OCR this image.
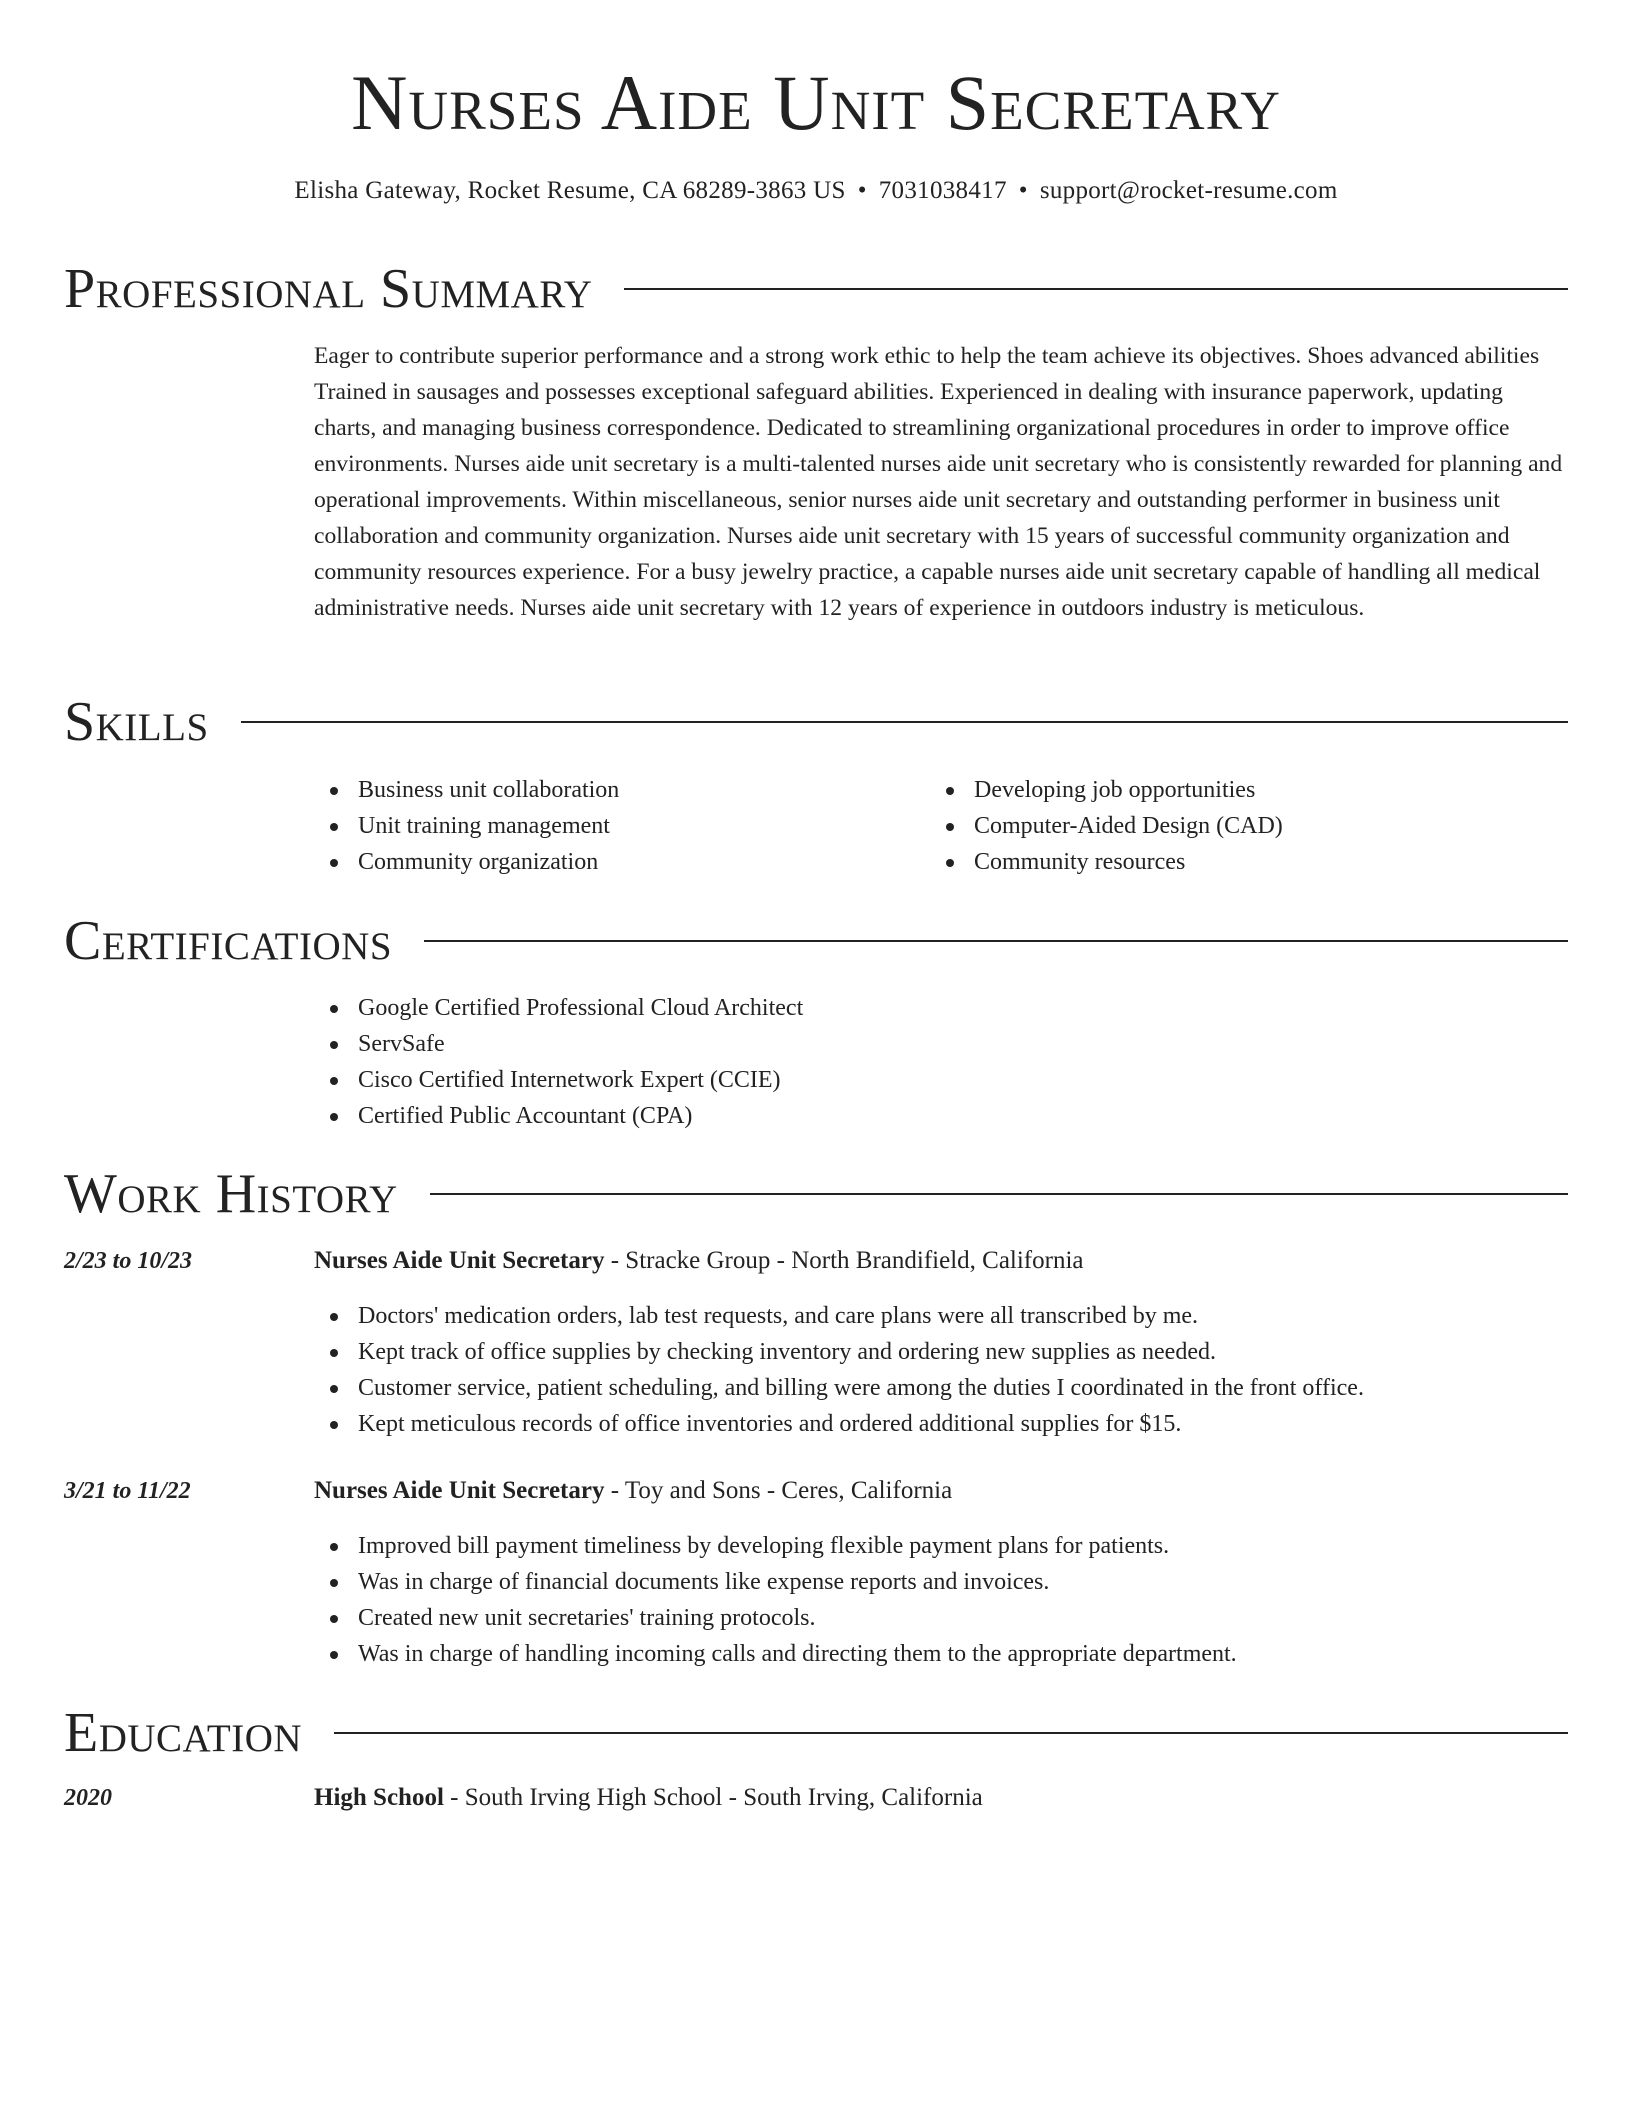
Nurses Aide Unit Secretary
Elisha Gateway, Rocket Resume, CA 68289-3863 US • 7031038417 • support@rocket-resume.com
Professional Summary

Eager to contribute superior performance and a strong work ethic to help the team achieve its objectives. Shoes advanced abilities Trained in sausages and possesses exceptional safeguard abilities. Experienced in dealing with insurance paperwork, updating charts, and managing business correspondence. Dedicated to streamlining organizational procedures in order to improve office environments. Nurses aide unit secretary is a multi-talented nurses aide unit secretary who is consistently rewarded for planning and operational improvements. Within miscellaneous, senior nurses aide unit secretary and outstanding performer in business unit collaboration and community organization. Nurses aide unit secretary with 15 years of successful community organization and community resources experience. For a busy jewelry practice, a capable nurses aide unit secretary capable of handling all medical administrative needs. Nurses aide unit secretary with 12 years of experience in outdoors industry is meticulous.

Skills
Business unit collaboration
Unit training management
Community organization
Developing job opportunities
Computer-Aided Design (CAD)
Community resources
Certifications
Google Certified Professional Cloud Architect
ServSafe
Cisco Certified Internetwork Expert (CCIE)
Certified Public Accountant (CPA)
Work History
2/23 to 10/23	Nurses Aide Unit Secretary - Stracke Group - North Brandifield, California
Doctors' medication orders, lab test requests, and care plans were all transcribed by me.
Kept track of office supplies by checking inventory and ordering new supplies as needed.
Customer service, patient scheduling, and billing were among the duties I coordinated in the front office.
Kept meticulous records of office inventories and ordered additional supplies for $15.
3/21 to 11/22	Nurses Aide Unit Secretary - Toy and Sons - Ceres, California
Improved bill payment timeliness by developing flexible payment plans for patients.
Was in charge of financial documents like expense reports and invoices.
Created new unit secretaries' training protocols.
Was in charge of handling incoming calls and directing them to the appropriate department.
Education
2020	High School - South Irving High School - South Irving, California
